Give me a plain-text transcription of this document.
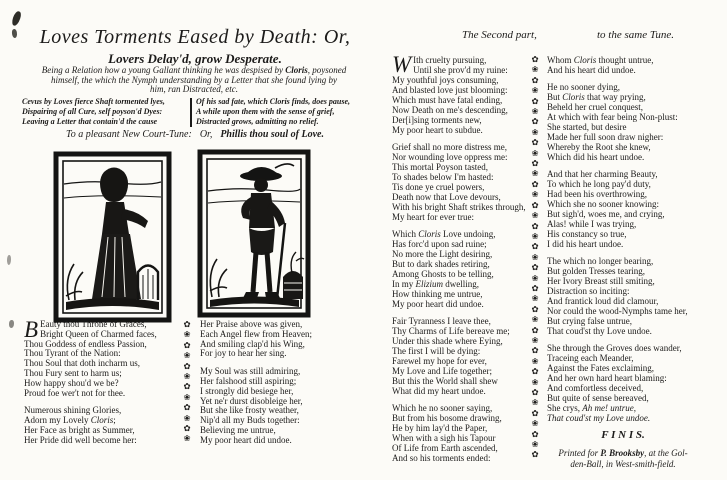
Loves Torments Eased by Death: Or,
Lovers Delay'd, grow Desperate.
Being a Relation how a young Gallant thinking he was despised by Cloris, poysoned
himself, the which the Nymph understanding by a Letter that she found lying by
him, ran Distracted, etc.
Cevus by Loves fierce Shaft tormented lyes,
Dispairing of all Cure, self poyson'd Dyes:
Leaving a Letter that contain'd the cause
Of his sad fate, which Cloris finds, does pause,
A while upon them with the sense of grief,
Distracted grows, admitting no relief.
To a pleasant New Court-Tune: Or, Phillis thou soul of Love.
B Eauty thou Throne of Graces,
Bright Queen of Charmed faces,
Thou Goddess of endless Passion,
Thou Tyrant of the Nation:
Thou Soul that doth incharm us,
Thou Fury sent to harm us;
How happy shou'd we be?
Proud foe wer't not for thee.
Numerous shining Glories,
Adorn my Lovely Cloris;
Her Face as bright as Summer,
Her Pride did well become her:
✿
❀
✿
❀
✿
❀
✿
❀
✿
❀
✿
❀

Her Praise above was given,
Each Angel flew from Heaven;
And smiling clap'd his Wing,
For joy to hear her sing.
My Soul was still admiring,
Her falshood still aspiring;
I strongly did besiege her,
Yet ne'r durst disobleige her,
But she like frosty weather,
Nip'd all my Buds together:
Believing me untrue,
My poor heart did undoe.
The Second part,	to the same Tune.
W Ith cruelty pursuing,
Until she prov'd my ruine:
My youthful joys consuming,
And blasted love just blooming:
Which must have fatal ending,
Now Death on me's descending,
Der[i]sing torments new,
My poor heart to subdue.
Grief shall no more distress me,
Nor wounding love oppress me:
This mortal Poyson tasted,
To shades below I'm hasted:
Tis done ye cruel powers,
Death now that Love devours,
With his bright Shaft strikes through,
My heart for ever true:
Which Cloris Love undoing,
Has forc'd upon sad ruine;
No more the Light desiring,
But to dark shades retiring,
Among Ghosts to be telling,
In my Elizium dwelling,
How thinking me untrue,
My poor heart did undoe.
Fair Tyranness I leave thee,
Thy Charms of Life bereave me;
Under this shade where Eying,
The first I will be dying:
Farewel my hope for ever,
My Love and Life together;
But this the World shall shew
What did my heart undoe.
Which he no sooner saying,
But from his bosome drawing,
He by him lay'd the Paper,
When with a sigh his Tapour
Of Life from Earth ascended,
And so his torments ended:
✿
❀
✿
❀
✿
❀
✿
❀
✿
❀
✿
❀
✿
❀
✿
❀
✿
❀
✿
❀
✿
❀
✿
❀
✿
❀
✿
❀
✿
❀
✿
❀
✿
❀
✿
❀
✿
❀
✿

Whom Cloris thought untrue,
And his heart did undoe.
He no sooner dying,
But Cloris that way prying,
Beheld her cruel conquest,
At which with fear being Non-plust:
She started, but desire
Made her full soon draw nigher:
Whereby the Root she knew,
Which did his heart undoe.
And that her charming Beauty,
To which he long pay'd duty,
Had been his overthrowing,
Which she no sooner knowing:
But sigh'd, woes me, and crying,
Alas! while I was trying,
His constancy so true,
I did his heart undoe.
The which no longer bearing,
But golden Tresses tearing,
Her Ivory Breast still smiting,
Distraction so inciting:
And frantick loud did clamour,
Nor could the wood-Nymphs tame her,
But crying false untrue,
That coud'st thy Love undoe.
She through the Groves does wander,
Traceing each Meander,
Against the Fates exclaiming,
And her own hard heart blaming:
And comfortless deceived,
But quite of sense bereaved,
She crys, Ah me! untrue,
That coud'st my Love undoe.
F I N I S.
Printed for P. Brooksby, at the Gol-
den-Ball, in West-smith-field.
